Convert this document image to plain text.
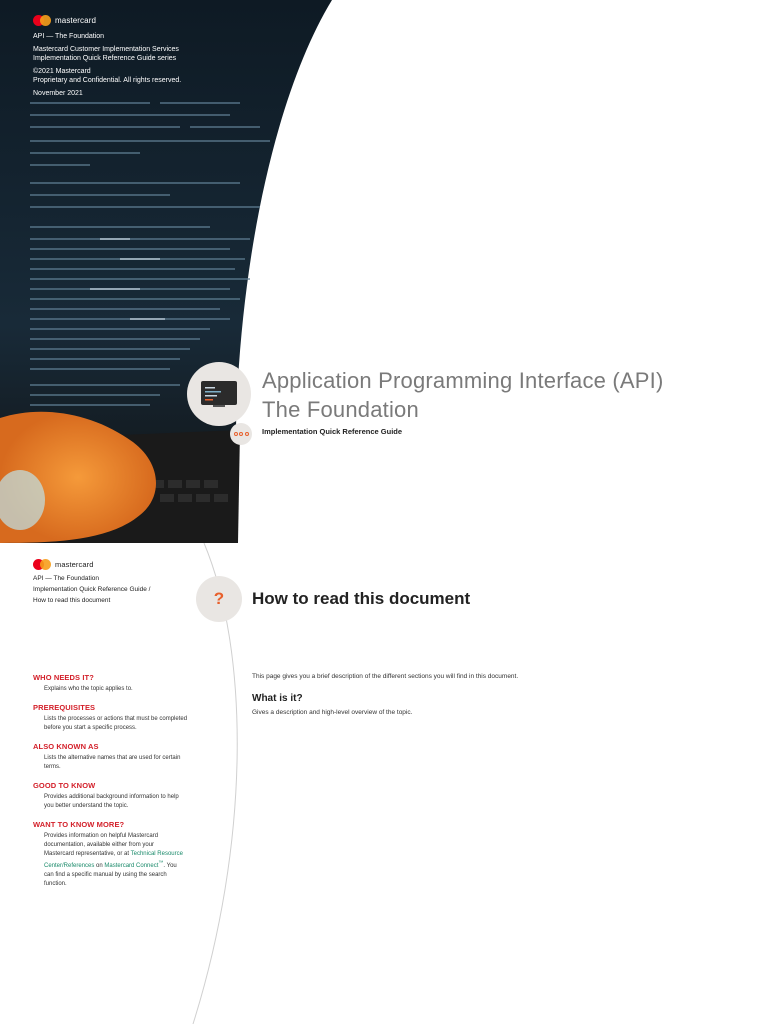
mastercard
API — The Foundation
Mastercard Customer Implementation Services
Implementation Quick Reference Guide series
©2021 Mastercard
Proprietary and Confidential. All rights reserved.
November 2021
Application Programming Interface (API)
The Foundation
Implementation Quick Reference Guide
mastercard
API — The Foundation
Implementation Quick Reference Guide /
How to read this document	?	How to read this document
WHO NEEDS IT?
Explains who the topic applies to.
PREREQUISITES
Lists the processes or actions that must be completed
before you start a specific process.
ALSO KNOWN AS
Lists the alternative names that are used for certain
terms.
GOOD TO KNOW
Provides additional background information to help
you better understand the topic.
WANT TO KNOW MORE?
Provides information on helpful Mastercard
documentation, available either from your
Mastercard representative, or at Technical Resource
Center/References on Mastercard Connect™. You
can find a specific manual by using the search
function.
This page gives you a brief description of the different sections you will find in this document.
What is it?
Gives a description and high-level overview of the topic.
